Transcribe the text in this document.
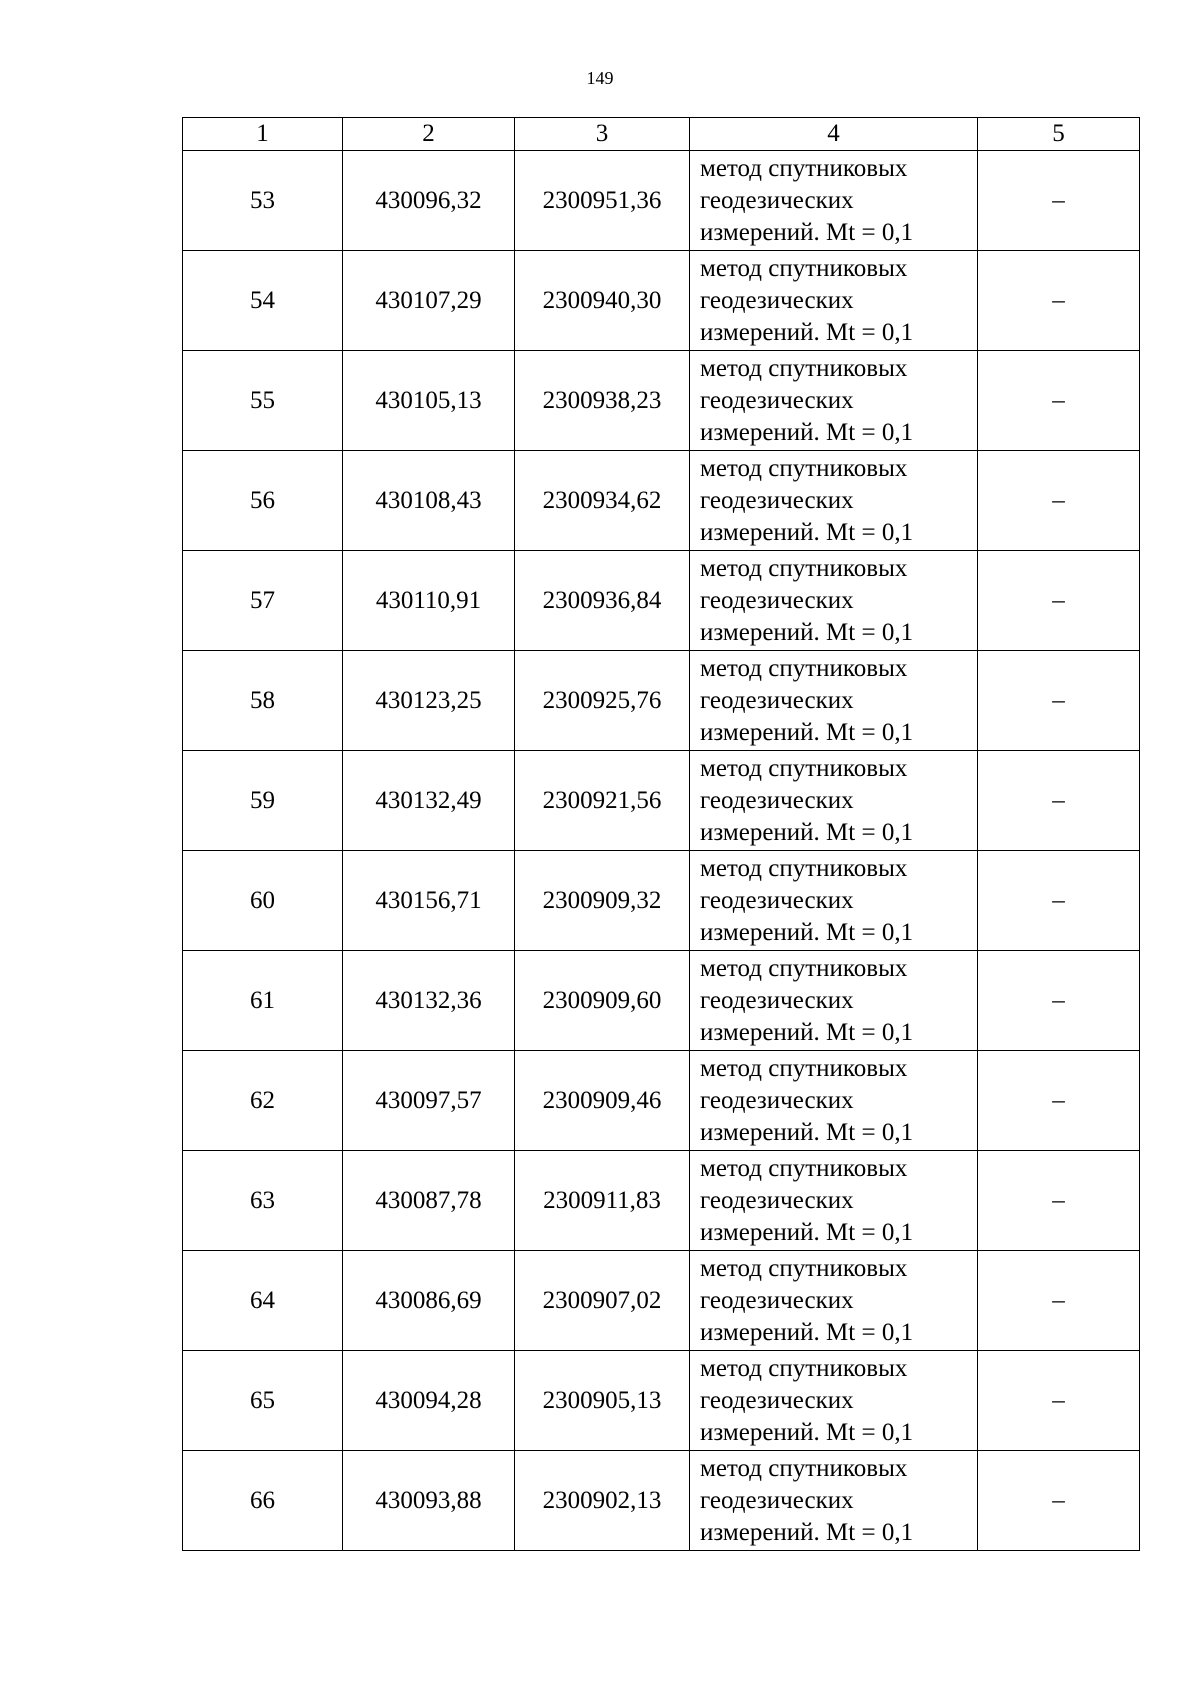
149
1	2	3	4	5
53	430096,32	2300951,36	метод спутниковых
геодезических
измерений. Mt = 0,1	–
54	430107,29	2300940,30	метод спутниковых
геодезических
измерений. Mt = 0,1	–
55	430105,13	2300938,23	метод спутниковых
геодезических
измерений. Mt = 0,1	–
56	430108,43	2300934,62	метод спутниковых
геодезических
измерений. Mt = 0,1	–
57	430110,91	2300936,84	метод спутниковых
геодезических
измерений. Mt = 0,1	–
58	430123,25	2300925,76	метод спутниковых
геодезических
измерений. Mt = 0,1	–
59	430132,49	2300921,56	метод спутниковых
геодезических
измерений. Mt = 0,1	–
60	430156,71	2300909,32	метод спутниковых
геодезических
измерений. Mt = 0,1	–
61	430132,36	2300909,60	метод спутниковых
геодезических
измерений. Mt = 0,1	–
62	430097,57	2300909,46	метод спутниковых
геодезических
измерений. Mt = 0,1	–
63	430087,78	2300911,83	метод спутниковых
геодезических
измерений. Mt = 0,1	–
64	430086,69	2300907,02	метод спутниковых
геодезических
измерений. Mt = 0,1	–
65	430094,28	2300905,13	метод спутниковых
геодезических
измерений. Mt = 0,1	–
66	430093,88	2300902,13	метод спутниковых
геодезических
измерений. Mt = 0,1	–
